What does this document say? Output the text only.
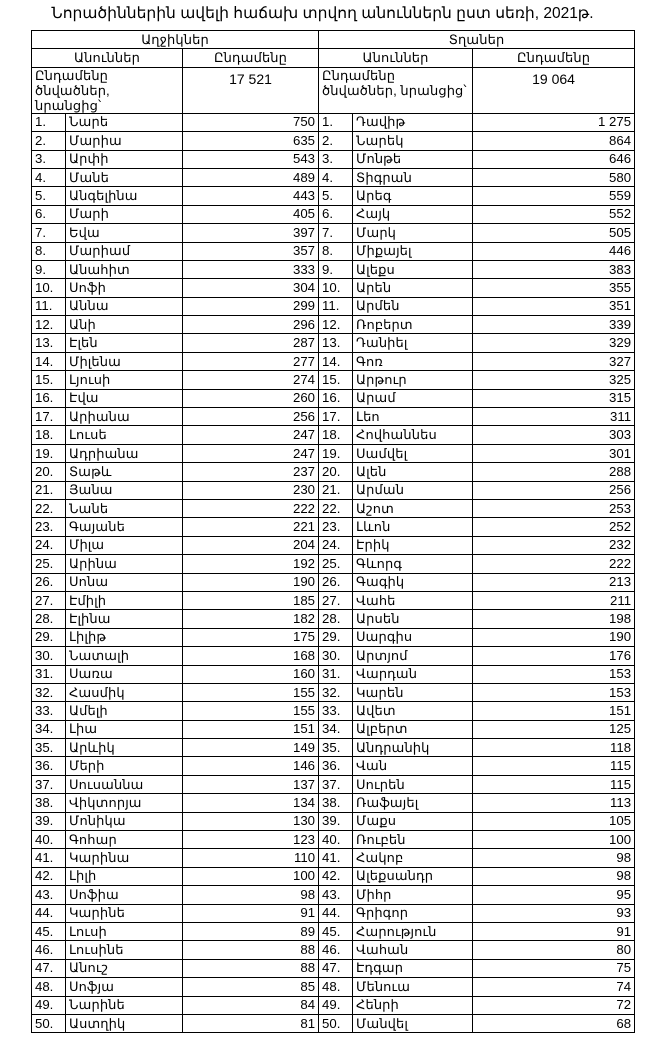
Նորածիններին ավելի հաճախ տրվող անուններն ըստ սեռի, 2021թ.
Աղջիկներ			Տղաներ		
Անուններ		Ընդամենը	Անուններ		Ընդամենը
Ընդամենը ծնվածներ, նրանցից՝		17 521	Ընդամենը ծնվածներ, նրանցից՝		19 064
1.	Նարե	750	1.	Դավիթ	1 275
2.	Մարիա	635	2.	Նարեկ	864
3.	Արփի	543	3.	Մոնթե	646
4.	Մանե	489	4.	Տիգրան	580
5.	Անգելինա	443	5.	Արեգ	559
6.	Մարի	405	6.	Հայկ	552
7.	Եվա	397	7.	Մարկ	505
8.	Մարիամ	357	8.	Միքայել	446
9.	Անահիտ	333	9.	Ալեքս	383
10.	Սոֆի	304	10.	Արեն	355
11.	Աննա	299	11.	Արմեն	351
12.	Անի	296	12.	Ռոբերտ	339
13.	Էլեն	287	13.	Դանիել	329
14.	Միլենա	277	14.	Գոռ	327
15.	Լյուսի	274	15.	Արթուր	325
16.	Էվա	260	16.	Արամ	315
17.	Արիանա	256	17.	Լեո	311
18.	Լուսե	247	18.	Հովհաննես	303
19.	Ադրիանա	247	19.	Սամվել	301
20.	Տաթև	237	20.	Ալեն	288
21.	Յանա	230	21.	Արման	256
22.	Նանե	222	22.	Աշոտ	253
23.	Գայանե	221	23.	Լևոն	252
24.	Միլա	204	24.	Էրիկ	232
25.	Արինա	192	25.	Գևորգ	222
26.	Սոնա	190	26.	Գագիկ	213
27.	Էմիլի	185	27.	Վահե	211
28.	Էլինա	182	28.	Արսեն	198
29.	Լիլիթ	175	29.	Սարգիս	190
30.	Նատալի	168	30.	Արտյոմ	176
31.	Սառա	160	31.	Վարդան	153
32.	Հասմիկ	155	32.	Կարեն	153
33.	Ամելի	155	33.	Ավետ	151
34.	Լիա	151	34.	Ալբերտ	125
35.	Արևիկ	149	35.	Անդրանիկ	118
36.	Մերի	146	36.	Վան	115
37.	Սուսաննա	137	37.	Սուրեն	115
38.	Վիկտորյա	134	38.	Ռաֆայել	113
39.	Մոնիկա	130	39.	Մաքս	105
40.	Գոհար	123	40.	Ռուբեն	100
41.	Կարինա	110	41.	Հակոբ	98
42.	Լիլի	100	42.	Ալեքսանդր	98
43.	Սոֆիա	98	43.	Միհր	95
44.	Կարինե	91	44.	Գրիգոր	93
45.	Լուսի	89	45.	Հարություն	91
46.	Լուսինե	88	46.	Վահան	80
47.	Անուշ	88	47.	Էդգար	75
48.	Սոֆյա	85	48.	Մենուա	74
49.	Նարինե	84	49.	Հենրի	72
50.	Աստղիկ	81	50.	Մանվել	68
